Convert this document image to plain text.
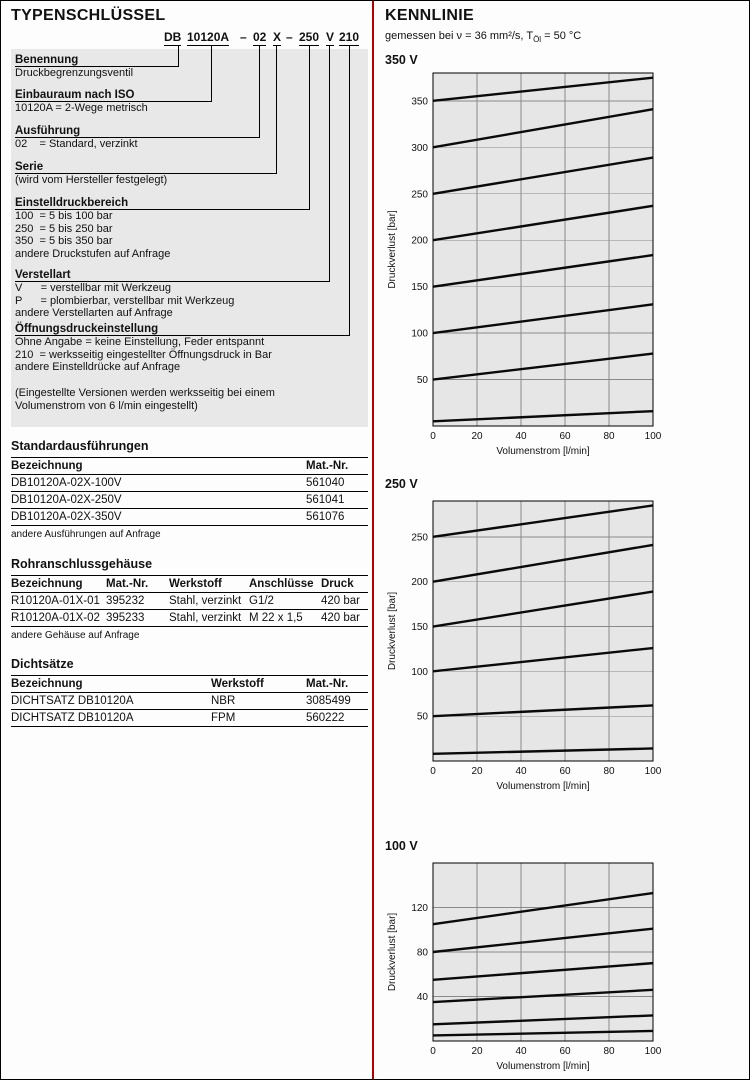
TYPENSCHLÜSSEL
DB 10120A – 02 X – 250 V 210
Benennung
Druckbegrenzungsventil
Einbauraum nach ISO
10120A = 2-Wege metrisch
Ausführung
02    = Standard, verzinkt
Serie
(wird vom Hersteller festgelegt)
Einstelldruckbereich
100  = 5 bis 100 bar
250  = 5 bis 250 bar
350  = 5 bis 350 bar
andere Druckstufen auf Anfrage
Verstellart
V      = verstellbar mit Werkzeug
P      = plombierbar, verstellbar mit Werkzeug
andere Verstellarten auf Anfrage
Öffnungsdruckeinstellung
Ohne Angabe = keine Einstellung, Feder entspannt
210  = werksseitig eingestellter Öffnungsdruck in Bar
andere Einstelldrücke auf Anfrage
(Eingestellte Versionen werden werksseitig bei einem
Volumenstrom von 6 l/min eingestellt)
Standardausführungen
Bezeichnung	Mat.-Nr.
DB10120A-02X-100V	561040
DB10120A-02X-250V	561041
DB10120A-02X-350V	561076
andere Ausführungen auf Anfrage
Rohranschlussgehäuse
Bezeichnung	Mat.-Nr.	Werkstoff	Anschlüsse	Druck
R10120A-01X-01	395232	Stahl, verzinkt	G1/2	420 bar
R10120A-01X-02	395233	Stahl, verzinkt	M 22 x 1,5	420 bar
andere Gehäuse auf Anfrage
Dichtsätze
Bezeichnung	Werkstoff	Mat.-Nr.
DICHTSATZ DB10120A	NBR	3085499
DICHTSATZ DB10120A	FPM	560222
KENNLINIE
gemessen bei ν = 36 mm²/s, $T_{Öl} = 50$ °C
350 V
50
100
150
200
250
300
350
0	20	40	60	80	100
Volumenstrom [l/min]
Druckverlust [bar]
250 V
50
100
150
200
250
0	20	40	60	80	100
Volumenstrom [l/min]
Druckverlust [bar]
100 V
40
80
120
0	20	40	60	80	100
Volumenstrom [l/min]
Druckverlust [bar]
